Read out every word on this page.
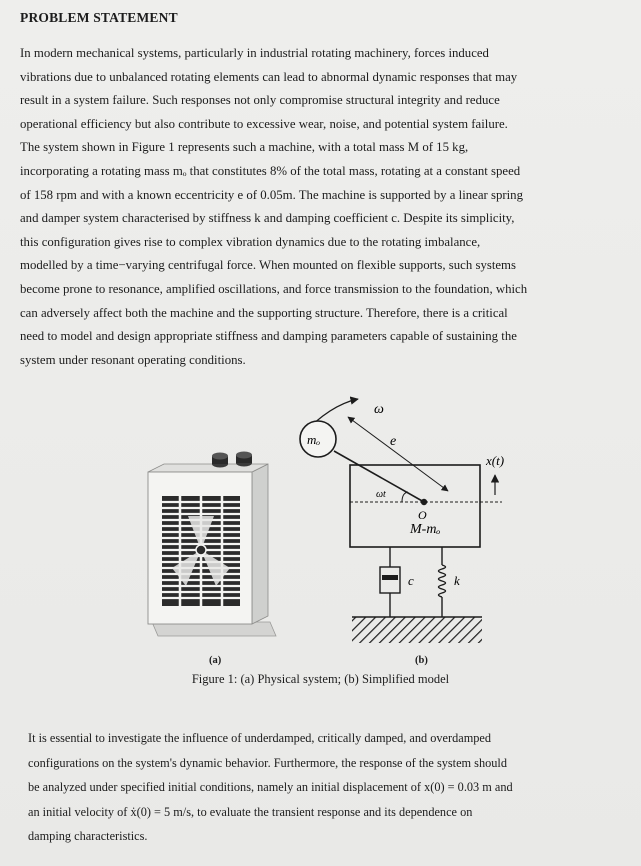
PROBLEM STATEMENT
In modern mechanical systems, particularly in industrial rotating machinery, forces induced
vibrations due to unbalanced rotating elements can lead to abnormal dynamic responses that may
result in a system failure. Such responses not only compromise structural integrity and reduce
operational efficiency but also contribute to excessive wear, noise, and potential system failure.
The system shown in Figure 1 represents such a machine, with a total mass M of 15 kg,
incorporating a rotating mass mₒ that constitutes 8% of the total mass, rotating at a constant speed
of 158 rpm and with a known eccentricity e of 0.05m. The machine is supported by a linear spring
and damper system characterised by stiffness k and damping coefficient c. Despite its simplicity,
this configuration gives rise to complex vibration dynamics due to the rotating imbalance,
modelled by a time−varying centrifugal force. When mounted on flexible supports, such systems
become prone to resonance, amplified oscillations, and force transmission to the foundation, which
can adversely affect both the machine and the supporting structure. Therefore, there is a critical
need to model and design appropriate stiffness and damping parameters capable of sustaining the
system under resonant operating conditions.
ω
e
mₒ
ωt
O
x(t)
M-mₒ
c	k
(a)	(b)
Figure 1: (a) Physical system; (b) Simplified model
It is essential to investigate the influence of underdamped, critically damped, and overdamped
configurations on the system's dynamic behavior. Furthermore, the response of the system should
be analyzed under specified initial conditions, namely an initial displacement of x(0) = 0.03 m and
an initial velocity of ẋ(0) = 5 m/s, to evaluate the transient response and its dependence on
damping characteristics.
